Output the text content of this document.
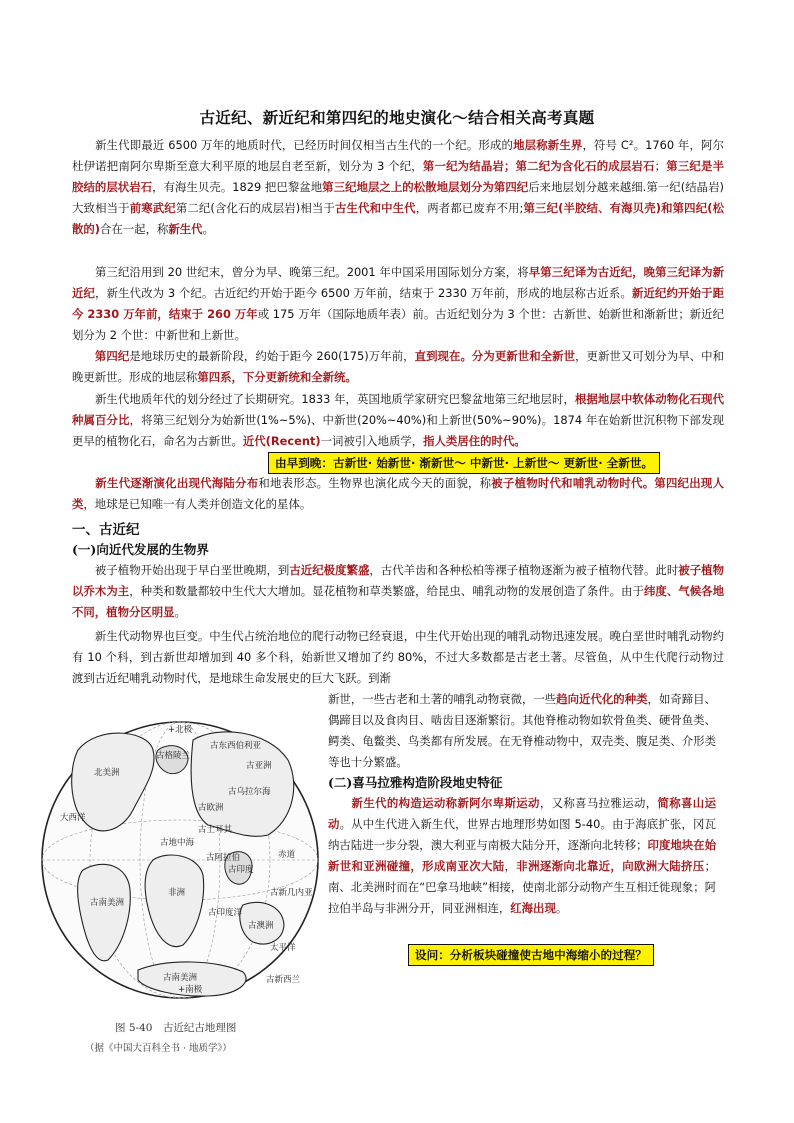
古近纪、新近纪和第四纪的地史演化～结合相关高考真题
　　新生代即最近 6500 万年的地质时代，已经历时间仅相当古生代的一个纪。形成的地层称新生界，符号 C²。1760 年，阿尔杜伊诺把南阿尔卑斯至意大利平原的地层自老至新，划分为 3 个纪，第一纪为结晶岩；第二纪为含化石的成层岩石；第三纪是半胶结的层状岩石，有海生贝壳。1829 把巴黎盆地第三纪地层之上的松散地层划分为第四纪后来地层划分越来越细.第一纪(结晶岩)大致相当于前寒武纪第二纪(含化石的成层岩)相当于古生代和中生代，两者都已废弃不用;第三纪(半胶结、有海贝壳)和第四纪(松散的)合在一起，称新生代。
　　第三纪沿用到 20 世纪末，曾分为早、晚第三纪。2001 年中国采用国际划分方案，将早第三纪译为古近纪，晚第三纪译为新近纪，新生代改为 3 个纪。古近纪约开始于距今 6500 万年前，结束于 2330 万年前，形成的地层称古近系。新近纪约开始于距今 2330 万年前，结束于 260 万年或 175 万年（国际地质年表）前。古近纪划分为 3 个世：古新世、始新世和渐新世；新近纪划分为 2 个世：中新世和上新世。
　　第四纪是地球历史的最新阶段，约始于距今 260(175)万年前，直到现在。分为更新世和全新世，更新世又可划分为早、中和晚更新世。形成的地层称第四系，下分更新统和全新统。
　　新生代地质年代的划分经过了长期研究。1833 年，英国地质学家研究巴黎盆地第三纪地层时，根据地层中软体动物化石现代种属百分比，将第三纪划分为始新世(1%~5%)、中新世(20%~40%)和上新世(50%~90%)。1874 年在始新世沉积物下部发现更早的植物化石，命名为古新世。近代(Recent)一词被引入地质学，指人类居住的时代。
由早到晚：古新世· 始新世· 渐新世～ 中新世· 上新世～ 更新世· 全新世。
　　新生代逐渐演化出现代海陆分布和地表形态。生物界也演化成今天的面貌，称被子植物时代和哺乳动物时代。第四纪出现人类，地球是已知唯一有人类并创造文化的星体。
一、古近纪
(一)向近代发展的生物界
　　被子植物开始出现于早白垩世晚期，到古近纪极度繁盛，古代羊齿和各种松柏等裸子植物逐渐为被子植物代替。此时被子植物以乔木为主，种类和数量都较中生代大大增加。显花植物和草类繁盛，给昆虫、哺乳动物的发展创造了条件。由于纬度、气候各地不同，植物分区明显。
　　新生代动物界也巨变。中生代占统治地位的爬行动物已经衰退，中生代开始出现的哺乳动物迅速发展。晚白垩世时哺乳动物约有 10 个科，到古新世却增加到 40 多个科，始新世又增加了约 80%，不过大多数都是古老土著。尽管鱼，从中生代爬行动物过渡到古近纪哺乳动物时代，是地球生命发展史的巨大飞跃。到渐
新世，一些古老和土著的哺乳动物衰微，一些趋向近代化的种类，如奇蹄目、偶蹄目以及食肉目、啮齿目逐渐繁衍。其他脊椎动物如软骨鱼类、硬骨鱼类、鳄类、龟鳖类、鸟类都有所发展。在无脊椎动物中，双壳类、腹足类、介形类等也十分繁盛。
(二)喜马拉雅构造阶段地史特征
　　新生代的构造运动称新阿尔卑斯运动，又称喜马拉雅运动，简称喜山运动。从中生代进入新生代，世界古地理形势如图 5-40。由于海底扩张，冈瓦纳古陆进一步分裂，澳大利亚与南极大陆分开，逐渐向北转移；印度地块在始新世和亚洲碰撞，形成南亚次大陆，非洲逐渐向北靠近，向欧洲大陆挤压；南、北美洲时而在“巴拿马地峡”相接，使南北部分动物产生互相迁徙现象；阿拉伯半岛与非洲分开，同亚洲相连，红海出现。
设问：分析板块碰撞使古地中海缩小的过程？
+北极
北美洲
古格陵兰
古东西伯利亚
古乌拉尔海
古欧洲
古地中海
非洲
古阿拉伯
古印度
古南美洲
古澳洲
古新几内亚
古印度洋
大西洋
太平洋
赤道
古南美洲
+南极
古新西兰
古亚洲
古土耳其
图 5-40　古近纪古地理图
（据《中国大百科全书 · 地质学》）
